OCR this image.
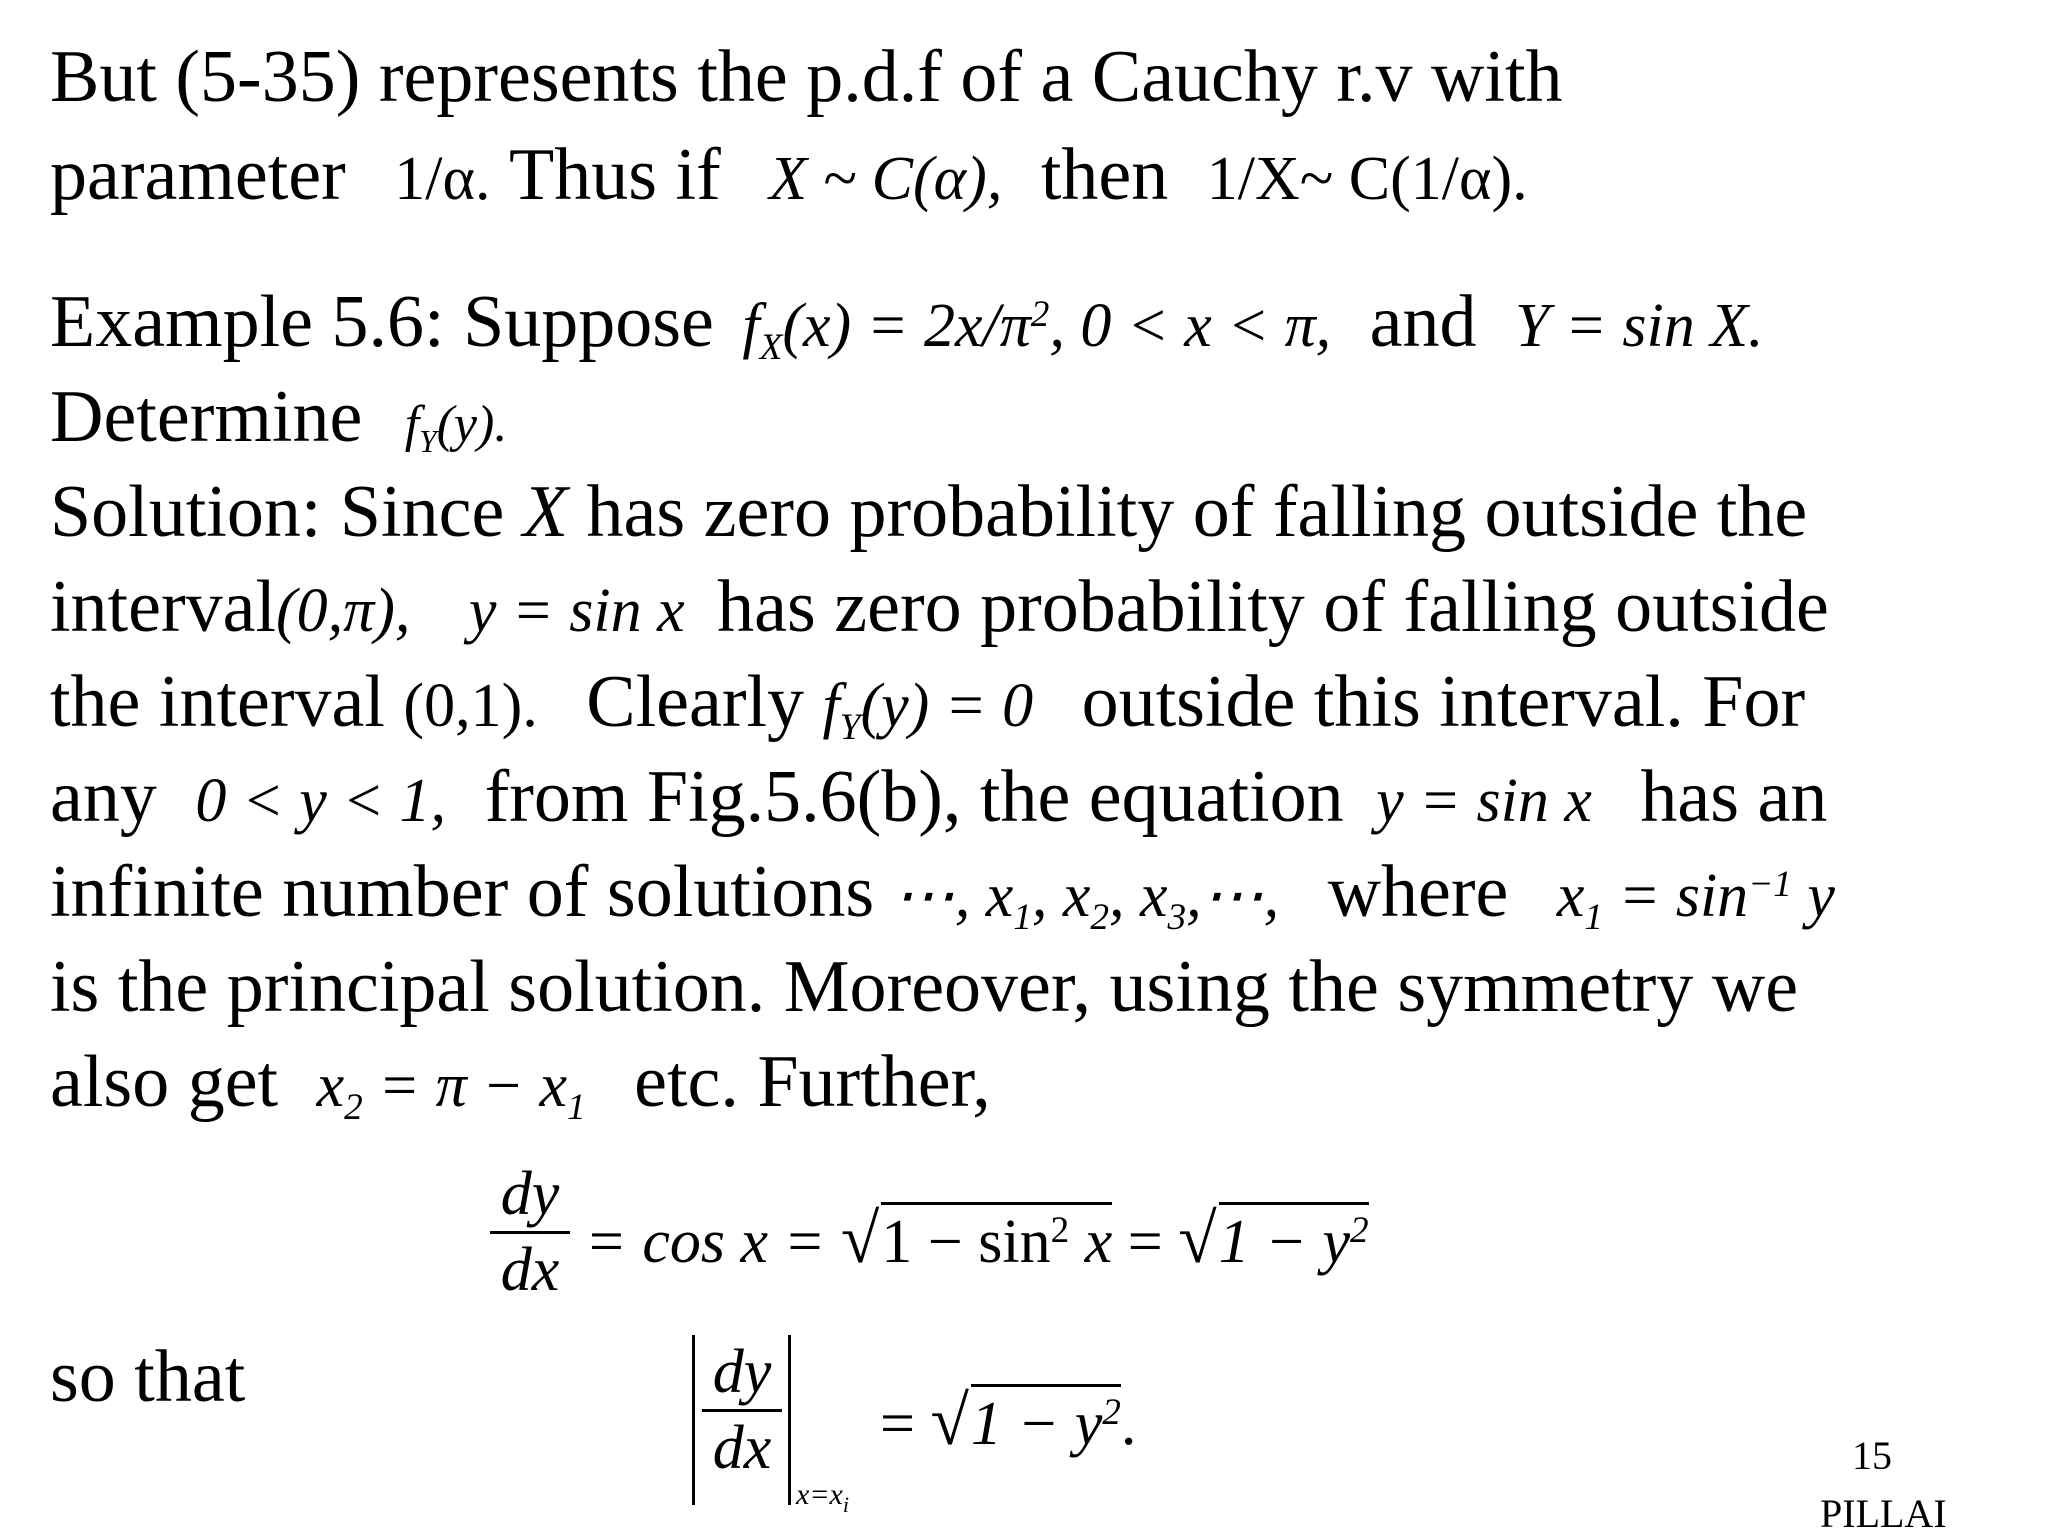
But (5-35) represents the p.d.f of a Cauchy r.v with
parameter 1/α. Thus if X ~ C(α), then 1/X~ C(1/α).
Example 5.6: Suppose $f_X(x) = 2x/\pi^2$, 0 < x < π, and Y = sin X.
Determine $f_Y(y)$.
Solution: Since X has zero probability of falling outside the
interval(0,π), y = sin x has zero probability of falling outside
the interval (0,1). Clearly $f_Y(y) = 0$ outside this interval. For
any 0 < y < 1, from Fig.5.6(b), the equation y = sin x has an
infinite number of solutions ⋯, $x_1$, $x_2$, $x_3,\cdots$, where $x_1 = \sin^{-1} y$
is the principal solution. Moreover, using the symmetry we
also get $x_2 = \pi - x_1$ etc. Further,
dy
dx = $\cos x = √1 - \sin^2 x = √1 - y^2$
so that	dy
dx
$x=x_i$
= $√1 - y^2$.	15
PILLAI
